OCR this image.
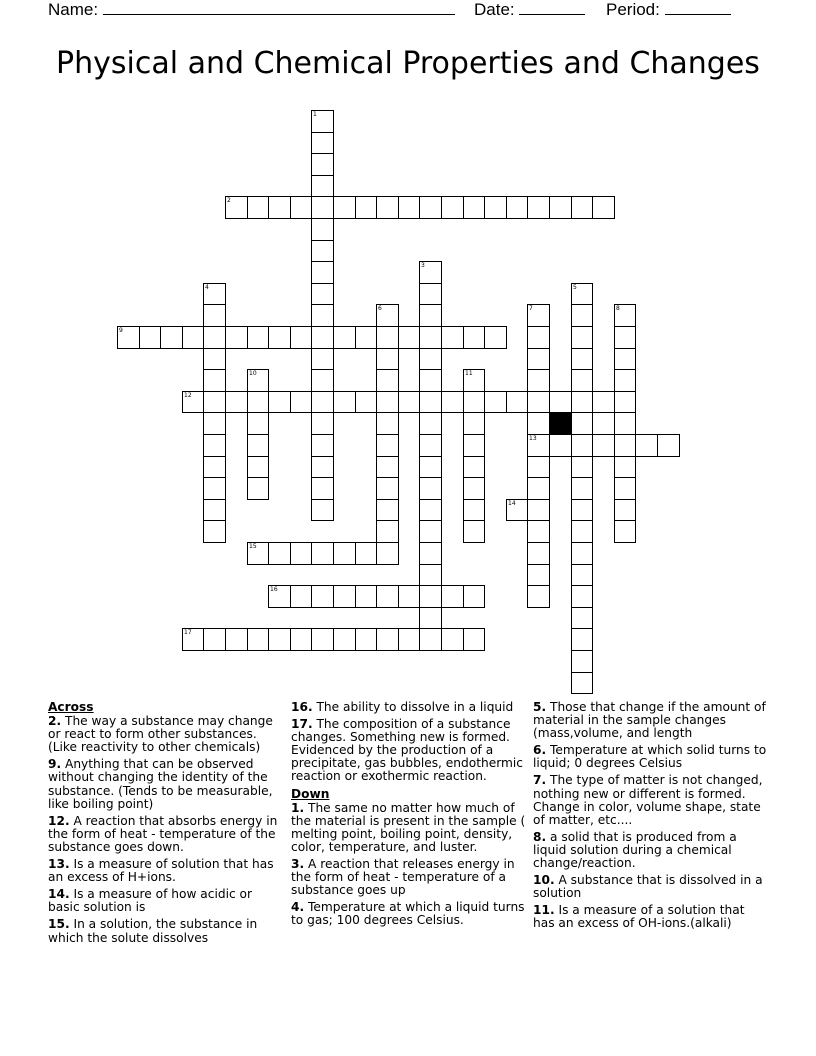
Name:	Date:	Period:
Physical and Chemical Properties and Changes
1
2
3
4	5
6	7	8
9
10	11
12
13
14
15
16
17
Across
2. The way a substance may change or react to form other substances. (Like reactivity to other chemicals)
9. Anything that can be observed without changing the identity of the substance. (Tends to be measurable, like boiling point)
12. A reaction that absorbs energy in the form of heat - temperature of the substance goes down.
13. Is a measure of solution that has an excess of H+ions.
14. Is a measure of how acidic or basic solution is
15. In a solution, the substance in which the solute dissolves
16. The ability to dissolve in a liquid
17. The composition of a substance changes. Something new is formed. Evidenced by the production of a precipitate, gas bubbles, endothermic reaction or exothermic reaction.
Down
1. The same no matter how much of the material is present in the sample ( melting point, boiling point, density, color, temperature, and luster.
3. A reaction that releases energy in the form of heat - temperature of a substance goes up
4. Temperature at which a liquid turns to gas; 100 degrees Celsius.
5. Those that change if the amount of material in the sample changes (mass,volume, and length
6. Temperature at which solid turns to liquid; 0 degrees Celsius
7. The type of matter is not changed, nothing new or different is formed. Change in color, volume shape, state of matter, etc....
8. a solid that is produced from a liquid solution during a chemical change/reaction.
10. A substance that is dissolved in a solution
11. Is a measure of a solution that has an excess of OH-ions.(alkali)
